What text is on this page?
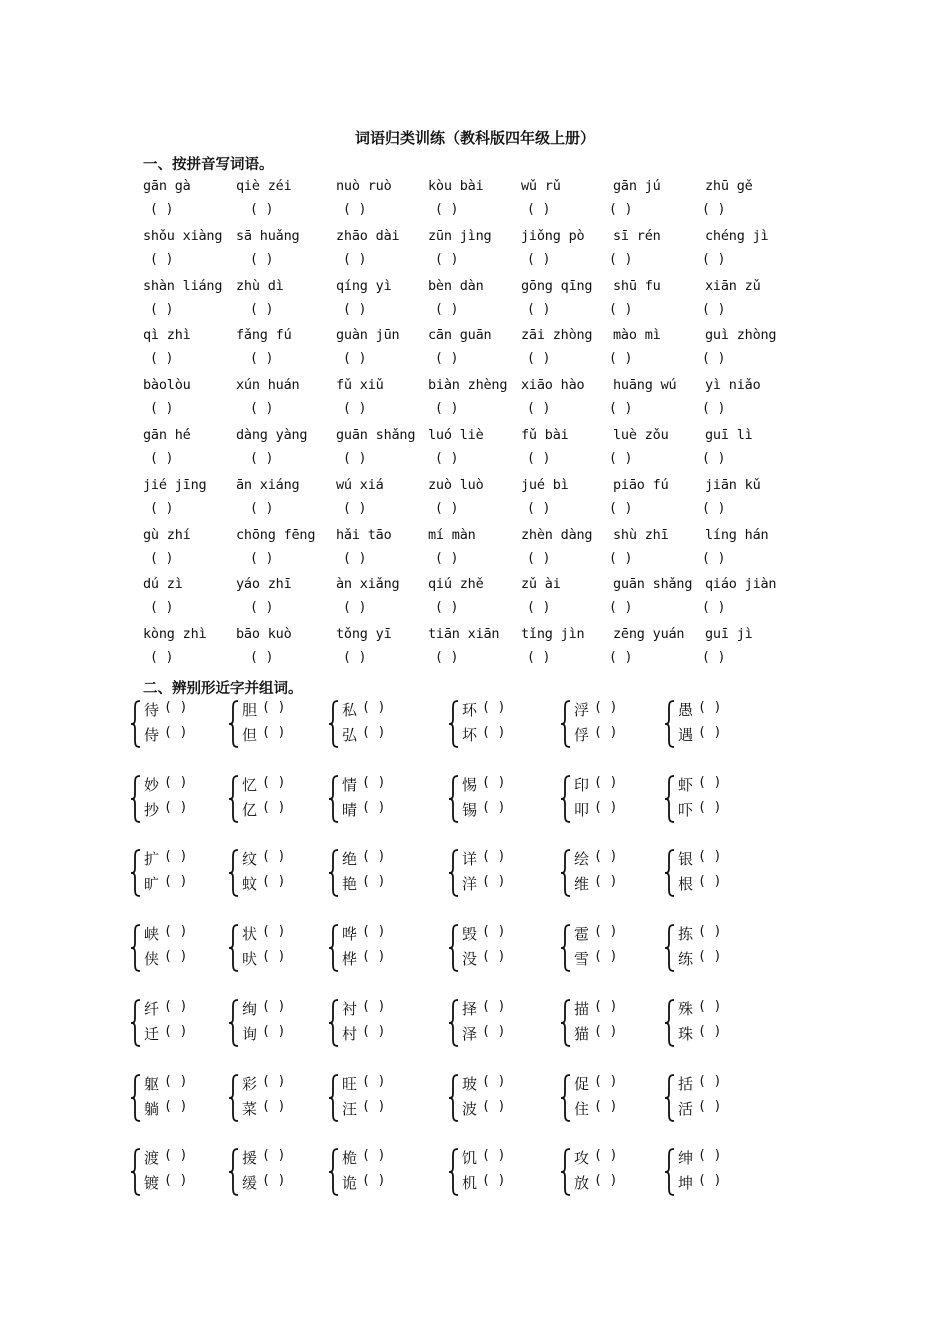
词语归类训练（教科版四年级上册）
一、按拼音写词语。
gān gà
( )
qiè zéi
( )
nuò ruò
( )
kòu bài
( )
wǔ rǔ
( )
gān jú
( )
zhū gě
( )
shǒu xiàng
( )
sā huǎng
( )
zhāo dài
( )
zūn jìng
( )
jiǒng pò
( )
sī rén
( )
chéng jì
( )
shàn liáng
( )
zhù dì
( )
qíng yì
( )
bèn dàn
( )
gōng qīng
( )
shū fu
( )
xiān zǔ
( )
qì zhì
( )
fǎng fú
( )
guàn jūn
( )
cān guān
( )
zāi zhòng
( )
mào mì
( )
guì zhòng
( )
bàolòu
( )
xún huán
( )
fǔ xiǔ
( )
biàn zhèng
( )
xiāo hào
( )
huāng wú
( )
yì niǎo
( )
gān hé
( )
dàng yàng
( )
guān shǎng
( )
luó liè
( )
fǔ bài
( )
luè zǒu
( )
guī lì
( )
jié jīng
( )
ān xiáng
( )
wú xiá
( )
zuò luò
( )
jué bì
( )
piāo fú
( )
jiān kǔ
( )
gù zhí
( )
chōng fēng
( )
hǎi tāo
( )
mí màn
( )
zhèn dàng
( )
shù zhī
( )
líng hán
( )
dú zì
( )
yáo zhī
( )
àn xiǎng
( )
qiú zhě
( )
zǔ ài
( )
guān shǎng
( )
qiáo jiàn
( )
kòng zhì
( )
bāo kuò
( )
tǒng yī
( )
tiān xiān
( )
tǐng jìn
( )
zēng yuán
( )
guī jì
( )
二、辨别形近字并组词。
待 ( )
侍 ( )
胆 ( )
但 ( )
私 ( )
弘 ( )
环 ( )
坏 ( )
浮 ( )
俘 ( )
愚 ( )
遇 ( )
妙 ( )
抄 ( )
忆 ( )
亿 ( )
情 ( )
晴 ( )
惕 ( )
锡 ( )
印 ( )
叩 ( )
虾 ( )
吓 ( )
扩 ( )
旷 ( )
纹 ( )
蚊 ( )
绝 ( )
艳 ( )
详 ( )
洋 ( )
绘 ( )
维 ( )
银 ( )
根 ( )
峡 ( )
侠 ( )
状 ( )
吠 ( )
哗 ( )
桦 ( )
毁 ( )
没 ( )
雹 ( )
雪 ( )
拣 ( )
练 ( )
纤 ( )
迁 ( )
绚 ( )
询 ( )
衬 ( )
村 ( )
择 ( )
泽 ( )
描 ( )
猫 ( )
殊 ( )
珠 ( )
躯 ( )
躺 ( )
彩 ( )
菜 ( )
旺 ( )
汪 ( )
玻 ( )
波 ( )
促 ( )
住 ( )
括 ( )
活 ( )
渡 ( )
镀 ( )
援 ( )
缓 ( )
桅 ( )
诡 ( )
饥 ( )
机 ( )
攻 ( )
放 ( )
绅 ( )
坤 ( )
